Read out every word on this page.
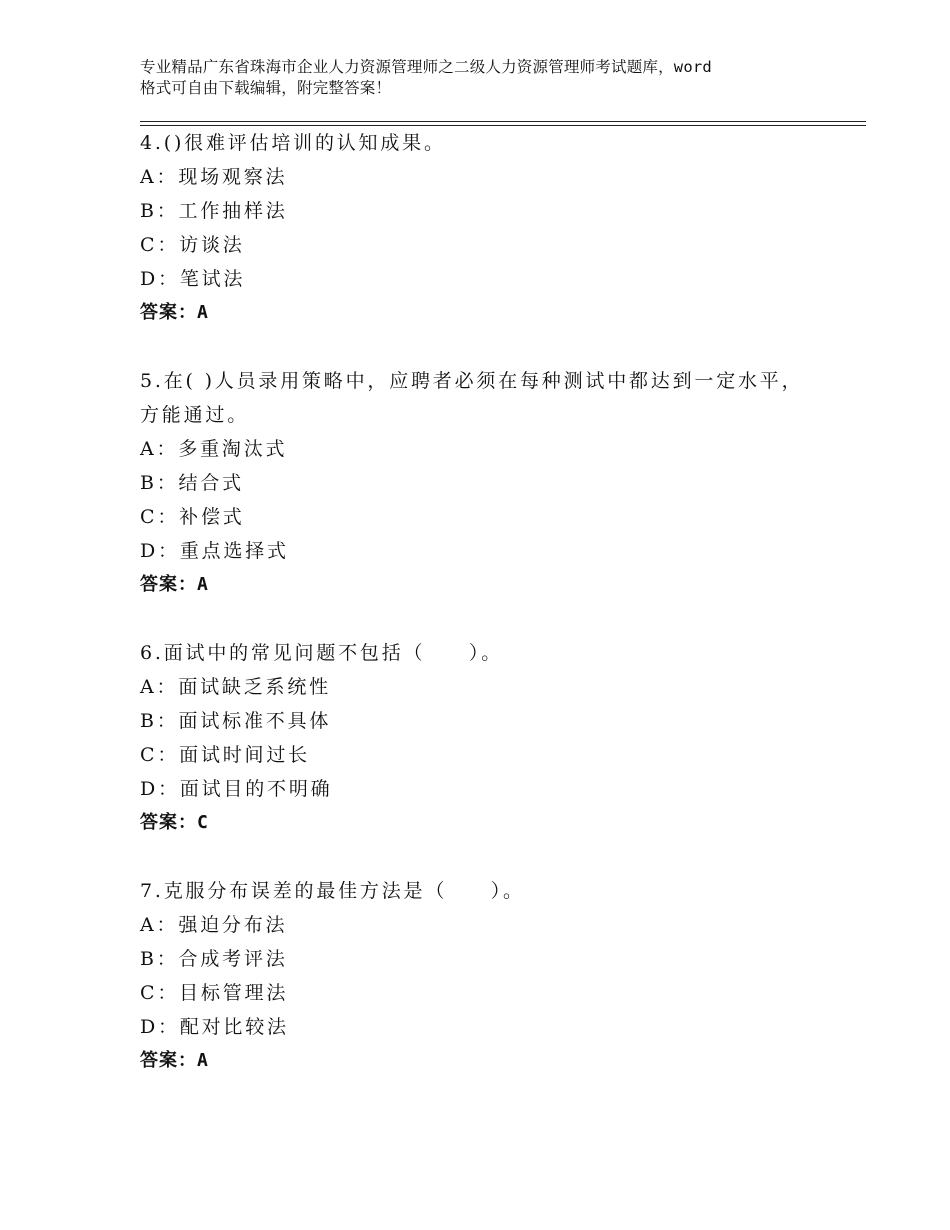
专业精品广东省珠海市企业人力资源管理师之二级人力资源管理师考试题库，word
格式可自由下载编辑，附完整答案！
4.()很难评估培训的认知成果。
A：现场观察法
B：工作抽样法
C：访谈法
D：笔试法
答案：A
5.在( )人员录用策略中，应聘者必须在每种测试中都达到一定水平，
方能通过。
A：多重淘汰式
B：结合式
C：补偿式
D：重点选择式
答案：A
6.面试中的常见问题不包括（　　）。
A：面试缺乏系统性
B：面试标准不具体
C：面试时间过长
D：面试目的不明确
答案：C
7.克服分布误差的最佳方法是（　　）。
A：强迫分布法
B：合成考评法
C：目标管理法
D：配对比较法
答案：A
